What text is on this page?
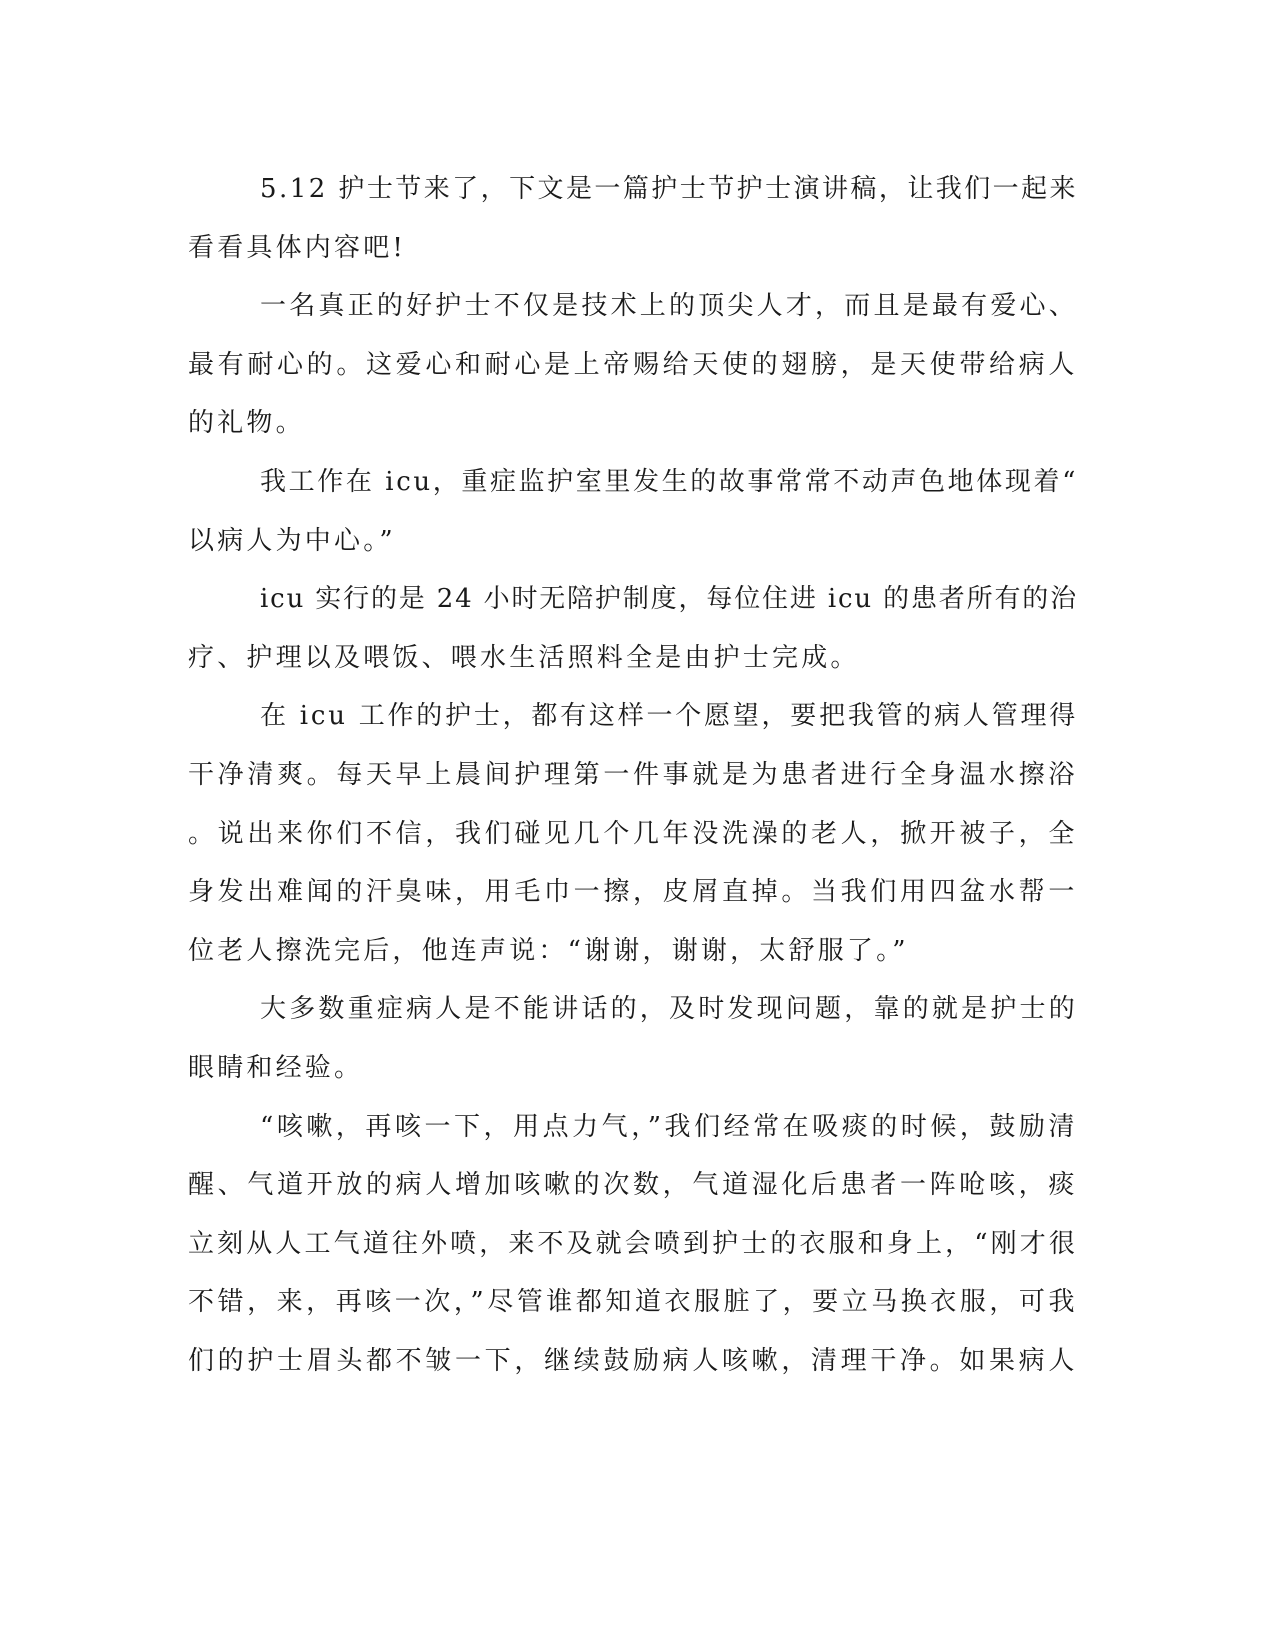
5.12 护士节来了，下文是一篇护士节护士演讲稿，让我们一起来
看看具体内容吧!
一名真正的好护士不仅是技术上的顶尖人才，而且是最有爱心、
最有耐心的。这爱心和耐心是上帝赐给天使的翅膀，是天使带给病人
的礼物。
我工作在 icu，重症监护室里发生的故事常常不动声色地体现着“
以病人为中心。”
icu 实行的是 24 小时无陪护制度，每位住进 icu 的患者所有的治
疗、护理以及喂饭、喂水生活照料全是由护士完成。
在 icu 工作的护士，都有这样一个愿望，要把我管的病人管理得
干净清爽。每天早上晨间护理第一件事就是为患者进行全身温水擦浴
。说出来你们不信，我们碰见几个几年没洗澡的老人，掀开被子，全
身发出难闻的汗臭味，用毛巾一擦，皮屑直掉。当我们用四盆水帮一
位老人擦洗完后，他连声说：“谢谢，谢谢，太舒服了。”
大多数重症病人是不能讲话的，及时发现问题，靠的就是护士的
眼睛和经验。
“咳嗽，再咳一下，用点力气，”我们经常在吸痰的时候，鼓励清
醒、气道开放的病人增加咳嗽的次数，气道湿化后患者一阵呛咳，痰
立刻从人工气道往外喷，来不及就会喷到护士的衣服和身上，“刚才很
不错，来，再咳一次，”尽管谁都知道衣服脏了，要立马换衣服，可我
们的护士眉头都不皱一下，继续鼓励病人咳嗽，清理干净。如果病人
